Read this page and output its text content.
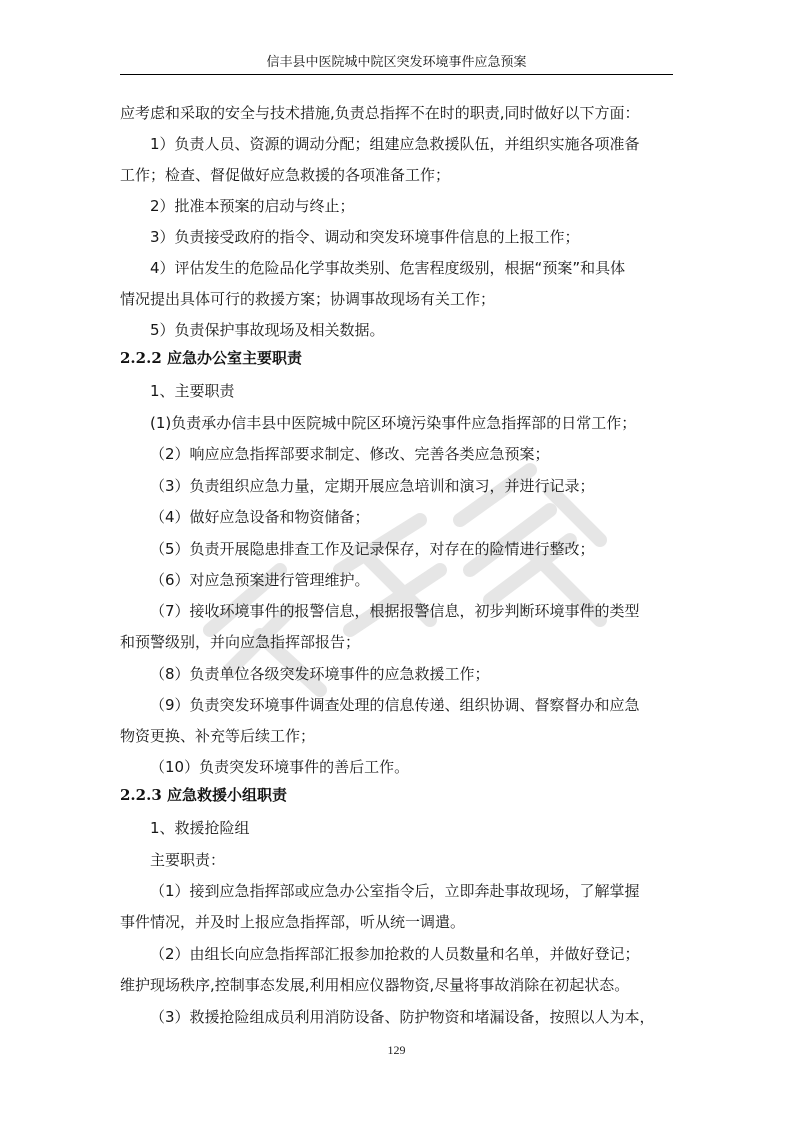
信丰县中医院城中院区突发环境事件应急预案
应考虑和采取的安全与技术措施,负责总指挥不在时的职责,同时做好以下方面：
1）负责人员、资源的调动分配；组建应急救援队伍，并组织实施各项准备
工作；检查、督促做好应急救援的各项准备工作；
2）批准本预案的启动与终止；
3）负责接受政府的指令、调动和突发环境事件信息的上报工作；
4）评估发生的危险品化学事故类别、危害程度级别，根据“预案”和具体
情况提出具体可行的救援方案；协调事故现场有关工作；
5）负责保护事故现场及相关数据。
2.2.2 应急办公室主要职责
1、主要职责
(1)负责承办信丰县中医院城中院区环境污染事件应急指挥部的日常工作；
（2）响应应急指挥部要求制定、修改、完善各类应急预案；
（3）负责组织应急力量，定期开展应急培训和演习，并进行记录；
（4）做好应急设备和物资储备；
（5）负责开展隐患排查工作及记录保存，对存在的险情进行整改；
（6）对应急预案进行管理维护。
（7）接收环境事件的报警信息，根据报警信息，初步判断环境事件的类型
和预警级别，并向应急指挥部报告；
（8）负责单位各级突发环境事件的应急救援工作；
（9）负责突发环境事件调查处理的信息传递、组织协调、督察督办和应急
物资更换、补充等后续工作；
（10）负责突发环境事件的善后工作。
2.2.3 应急救援小组职责
1、救援抢险组
主要职责：
（1）接到应急指挥部或应急办公室指令后，立即奔赴事故现场，了解掌握
事件情况，并及时上报应急指挥部，听从统一调遣。
（2）由组长向应急指挥部汇报参加抢救的人员数量和名单，并做好登记；
维护现场秩序,控制事态发展,利用相应仪器物资,尽量将事故消除在初起状态。
（3）救援抢险组成员利用消防设备、防护物资和堵漏设备，按照以人为本，
129
